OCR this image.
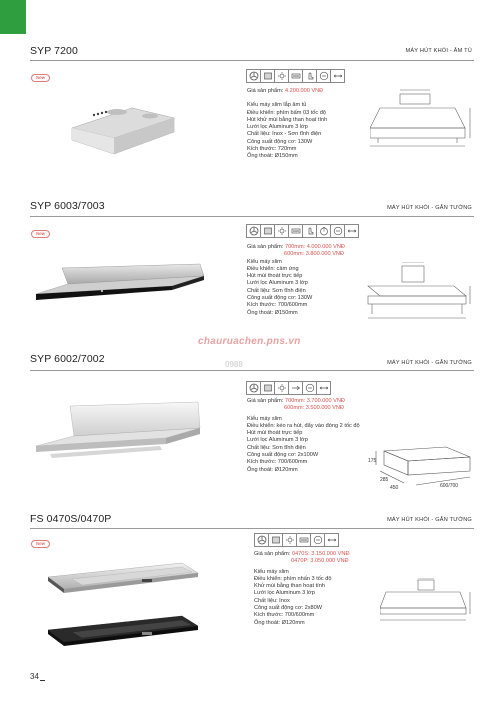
SYP 7200	MÁY HÚT KHÓI - ÂM TỦ
New
Giá sản phẩm: 4.200.000 VNĐ
Kiểu máy slim lắp âm tủ
Điều khiển: phím bấm 03 tốc độ
Hút khử mùi bằng than hoạt tính
Lưới lọc Aluminum 3 lớp
Chất liệu: Inox - Sơn tĩnh điện
Công suất động cơ: 130W
Kích thước: 720mm
Ống thoát: Ø150mm
SYP 6003/7003	MÁY HÚT KHÓI - GẮN TƯỜNG
New
Giá sản phẩm: 700mm: 4.000.000 VNĐ
600mm: 3.800.000 VNĐ
Kiểu máy slim
Điều khiển: cảm ứng
Hút mùi thoát trực tiếp
Lưới lọc Aluminum 3 lớp
Chất liệu: Sơn tĩnh điện
Công suất động cơ: 130W
Kích thước: 700/600mm
Ống thoát: Ø150mm
SYP 6002/7002	MÁY HÚT KHÓI - GẮN TƯỜNG
Giá sản phẩm: 700mm: 3.700.000 VNĐ
600mm: 3.500.000 VNĐ
Kiểu máy slim
Điều khiển: kéo ra hút, đẩy vào đóng 2 tốc độ
Hút mùi thoát trực tiếp
Lưới lọc Aluminum 3 lớp
Chất liệu: Sơn tĩnh điện
Công suất động cơ: 2x100W
Kích thước: 700/600mm
Ống thoát: Ø120mm
175
285
450	600/700
FS 0470S/0470P	MÁY HÚT KHÓI - GẮN TƯỜNG
New
Giá sản phẩm: 0470S: 3.150.000 VNĐ
0470P: 3.050.000 VNĐ
Kiểu máy slim
Điều khiển: phím nhấn 3 tốc độ
Khử mùi bằng than hoạt tính
Lưới lọc Aluminum 3 lớp
Chất liệu: Inox
Công suất động cơ: 2x80W
Kích thước: 700/600mm
Ống thoát: Ø120mm
chauruachen.pns.vn
0988
34
